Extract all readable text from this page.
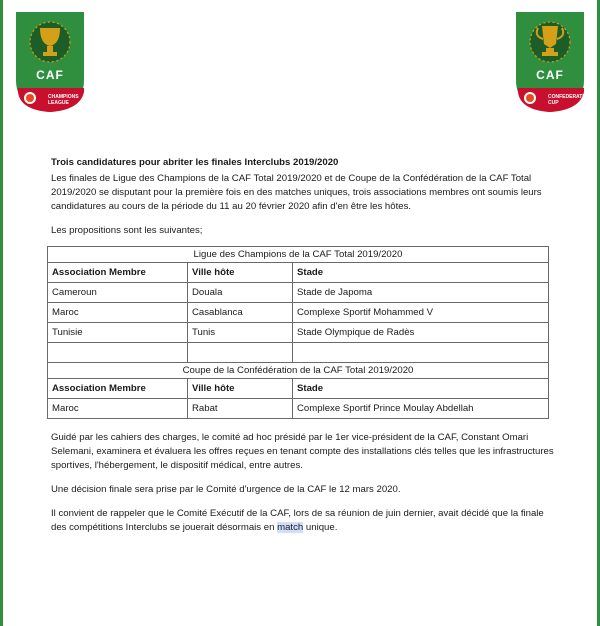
CAF
CHAMPIONS LEAGUE
CAF
CONFEDERATION CUP
Trois candidatures pour abriter les finales Interclubs 2019/2020
Les finales de Ligue des Champions de la CAF Total 2019/2020 et de Coupe de la Confédération de la CAF Total 2019/2020 se disputant pour la première fois en des matches uniques, trois associations membres ont soumis leurs candidatures au cours de la période du 11 au 20 février 2020 afin d'en être les hôtes.
Les propositions sont les suivantes;
Ligue des Champions de la CAF Total 2019/2020		
Association Membre	Ville hôte	Stade
Cameroun	Douala	Stade de Japoma
Maroc	Casablanca	Complexe Sportif Mohammed V
Tunisie	Tunis	Stade Olympique de Radès

Coupe de la Confédération de la CAF Total 2019/2020		
Association Membre	Ville hôte	Stade
Maroc	Rabat	Complexe Sportif Prince Moulay Abdellah
Guidé par les cahiers des charges, le comité ad hoc présidé par le 1er vice-président de la CAF, Constant Omari Selemani, examinera et évaluera les offres reçues en tenant compte des installations clés telles que les infrastructures sportives, l'hébergement, le dispositif médical, entre autres.
Une décision finale sera prise par le Comité d'urgence de la CAF le 12 mars 2020.
Il convient de rappeler que le Comité Exécutif de la CAF, lors de sa réunion de juin dernier, avait décidé que la finale des compétitions Interclubs se jouerait désormais en match unique.
